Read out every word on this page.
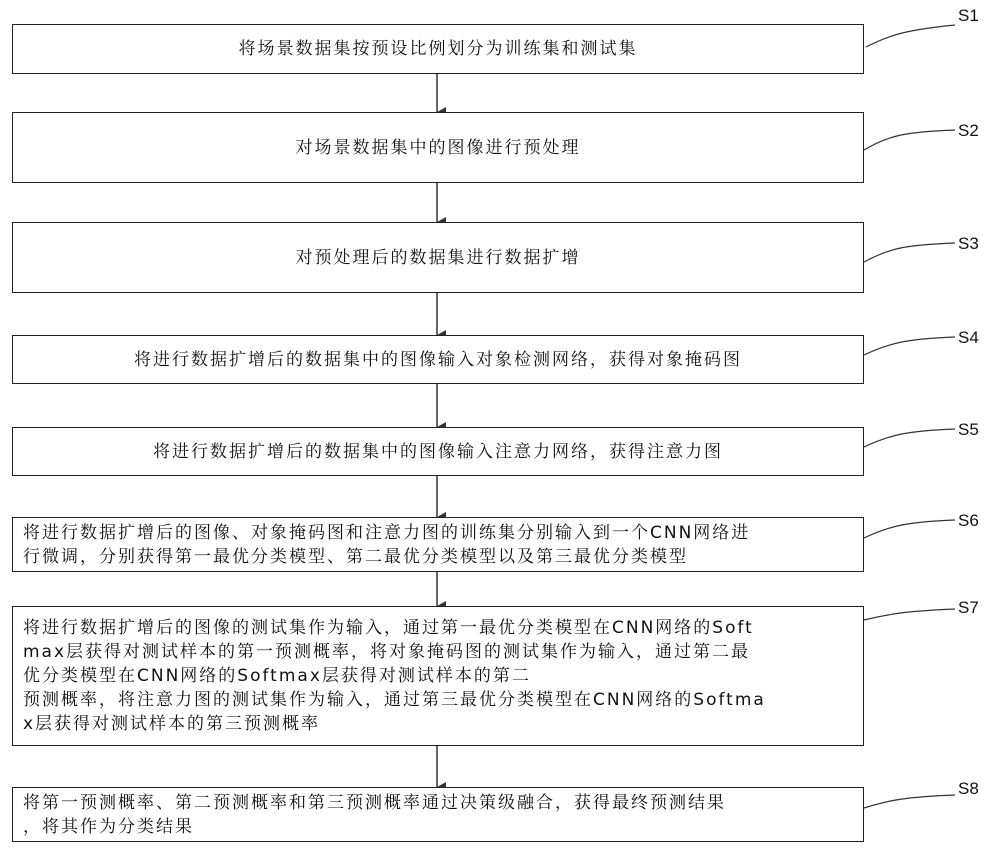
将场景数据集按预设比例划分为训练集和测试集
对场景数据集中的图像进行预处理
对预处理后的数据集进行数据扩增
将进行数据扩增后的数据集中的图像输入对象检测网络，获得对象掩码图
将进行数据扩增后的数据集中的图像输入注意力网络，获得注意力图
将进行数据扩增后的图像、对象掩码图和注意力图的训练集分别输入到一个CNN网络进
行微调，分别获得第一最优分类模型、第二最优分类模型以及第三最优分类模型
将进行数据扩增后的图像的测试集作为输入，通过第一最优分类模型在CNN网络的Soft
max层获得对测试样本的第一预测概率，将对象掩码图的测试集作为输入，通过第二最
优分类模型在CNN网络的Softmax层获得对测试样本的第二
预测概率，将注意力图的测试集作为输入，通过第三最优分类模型在CNN网络的Softma
x层获得对测试样本的第三预测概率
将第一预测概率、第二预测概率和第三预测概率通过决策级融合，获得最终预测结果
，将其作为分类结果
S1
S2
S3
S4
S5
S6
S7
S8
